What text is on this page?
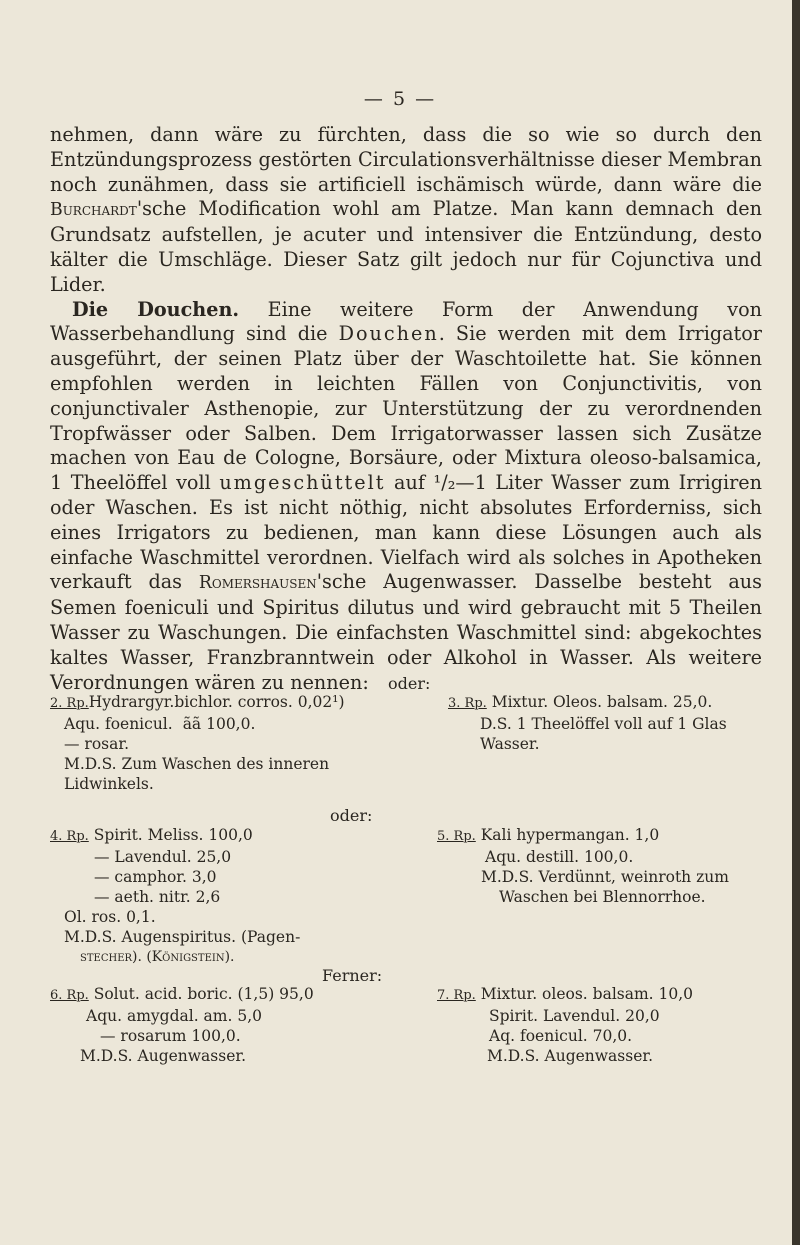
— 5 —

nehmen, dann wäre zu fürchten, dass die so wie so durch den Entzündungsprozess gestörten Circulationsverhältnisse dieser Membran noch zunähmen, dass sie artificiell ischämisch würde, dann wäre die Burchardt'sche Modification wohl am Platze. Man kann demnach den Grundsatz aufstellen, je acuter und intensiver die Entzündung, desto kälter die Umschläge. Dieser Satz gilt jedoch nur für Cojunctiva und Lider.

Die Douchen. Eine weitere Form der Anwendung von Wasserbehandlung sind die Douchen. Sie werden mit dem Irrigator ausgeführt, der seinen Platz über der Waschtoilette hat. Sie können empfohlen werden in leichten Fällen von Conjunctivitis, von conjunctivaler Asthenopie, zur Unterstützung der zu verordnenden Tropfwässer oder Salben. Dem Irrigatorwasser lassen sich Zusätze machen von Eau de Cologne, Borsäure, oder Mixtura oleoso-balsamica, 1 Theelöffel voll umgeschüttelt auf ¹/₂—1 Liter Wasser zum Irrigiren oder Waschen. Es ist nicht nöthig, nicht absolutes Erforderniss, sich eines Irrigators zu bedienen, man kann diese Lösungen auch als einfache Waschmittel verordnen. Vielfach wird als solches in Apotheken verkauft das Romershausen'sche Augenwasser. Dasselbe besteht aus Semen foeniculi und Spiritus dilutus und wird gebraucht mit 5 Theilen Wasser zu Waschungen. Die einfachsten Waschmittel sind: abgekochtes kaltes Wasser, Franzbranntwein oder Alkohol in Wasser. Als weitere Verordnungen wären zu nennen:	oder:
2. Rp.Hydrargyr.bichlor. corros. 0,02¹)
Aqu. foenicul. ãã 100,0.
— rosar.
M.D.S. Zum Waschen des inneren
Lidwinkels.
3. Rp. Mixtur. Oleos. balsam. 25,0.
D.S. 1 Theelöffel voll auf 1 Glas
Wasser.
oder:
4. Rp. Spirit. Meliss. 100,0
— Lavendul. 25,0
— camphor. 3,0
— aeth. nitr. 2,6
Ol. ros. 0,1.
M.D.S. Augenspiritus. (Pagen-
stecher). (Königstein).
5. Rp. Kali hypermangan. 1,0
Aqu. destill. 100,0.
M.D.S. Verdünnt, weinroth zum
Waschen bei Blennorrhoe.
Ferner:
6. Rp. Solut. acid. boric. (1,5) 95,0
Aqu. amygdal. am. 5,0
— rosarum 100,0.
M.D.S. Augenwasser.
7. Rp. Mixtur. oleos. balsam. 10,0
Spirit. Lavendul. 20,0
Aq. foenicul. 70,0.
M.D.S. Augenwasser.
